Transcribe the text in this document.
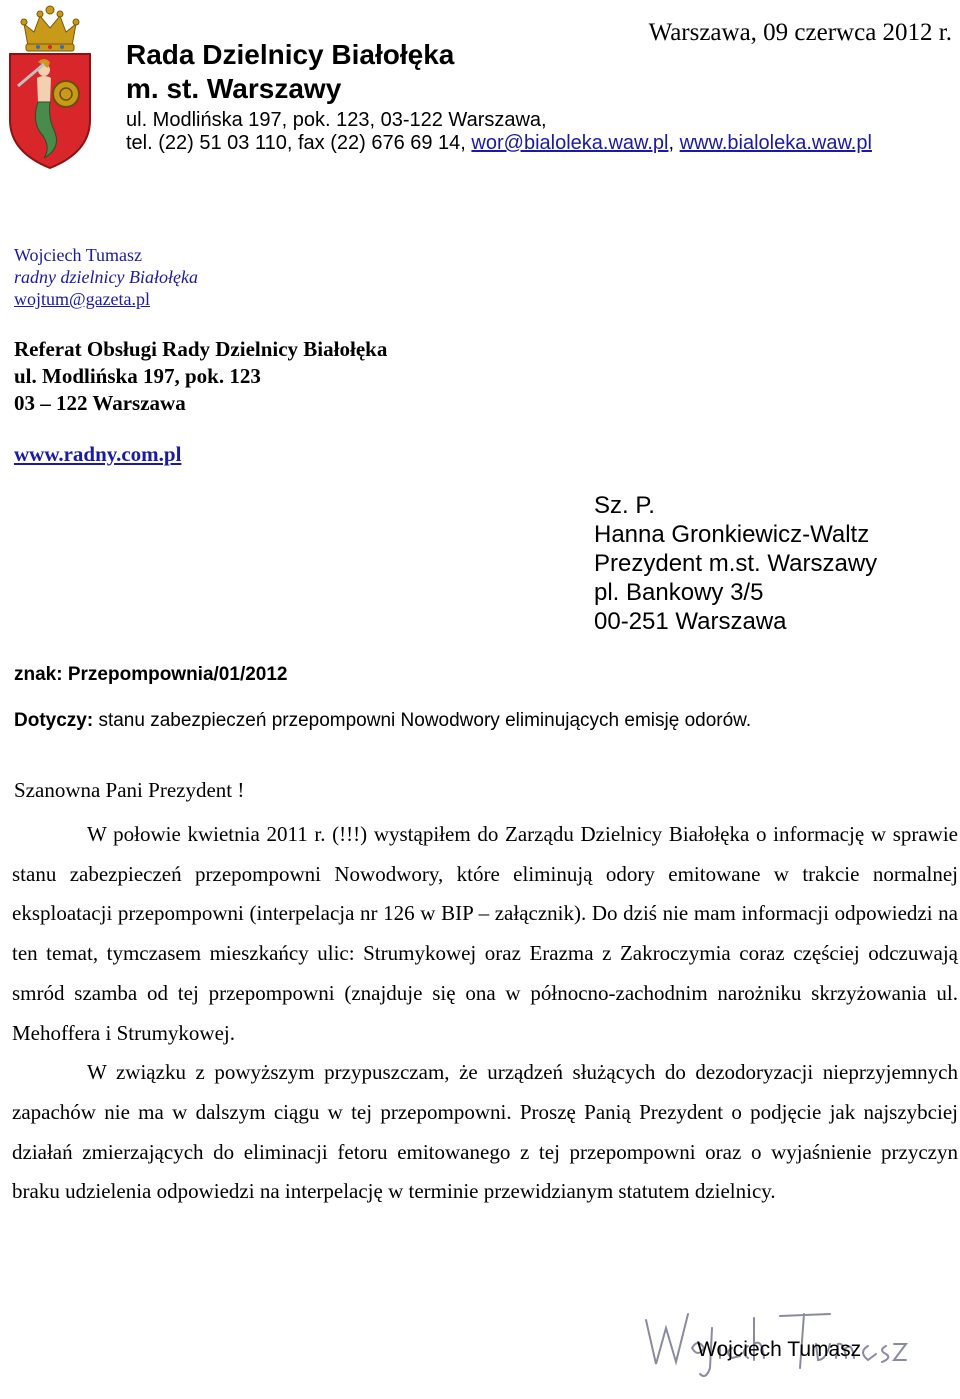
Rada Dzielnicy Białołęka
m. st. Warszawy
ul. Modlińska 197, pok. 123, 03-122 Warszawa,
tel. (22) 51 03 110, fax (22) 676 69 14, wor@bialoleka.waw.pl, www.bialoleka.waw.pl
Warszawa, 09 czerwca 2012 r.
Wojciech Tumasz
radny dzielnicy Białołęka
wojtum@gazeta.pl
Referat Obsługi Rady Dzielnicy Białołęka
ul. Modlińska 197, pok. 123
03 – 122 Warszawa
www.radny.com.pl
Sz. P.
Hanna Gronkiewicz-Waltz
Prezydent m.st. Warszawy
pl. Bankowy 3/5
00-251 Warszawa
znak: Przepompownia/01/2012
Dotyczy: stanu zabezpieczeń przepompowni Nowodwory eliminujących emisję odorów.
Szanowna Pani Prezydent !

W połowie kwietnia 2011 r. (!!!) wystąpiłem do Zarządu Dzielnicy Białołęka o informację w sprawie stanu zabezpieczeń przepompowni Nowodwory, które eliminują odory emitowane w trakcie normalnej eksploatacji przepompowni (interpelacja nr 126 w BIP – załącznik). Do dziś nie mam informacji odpowiedzi na ten temat, tymczasem mieszkańcy ulic: Strumykowej oraz Erazma z Zakroczymia coraz częściej odczuwają smród szamba od tej przepompowni (znajduje się ona w północno-zachodnim narożniku skrzyżowania ul. Mehoffera i Strumykowej.

W związku z powyższym przypuszczam, że urządzeń służących do dezodoryzacji nieprzyjemnych zapachów nie ma w dalszym ciągu w tej przepompowni. Proszę Panią Prezydent o podjęcie jak najszybciej działań zmierzających do eliminacji fetoru emitowanego z tej przepompowni oraz o wyjaśnienie przyczyn braku udzielenia odpowiedzi na interpelację w terminie przewidzianym statutem dzielnicy.

Wojciech Tumasz
